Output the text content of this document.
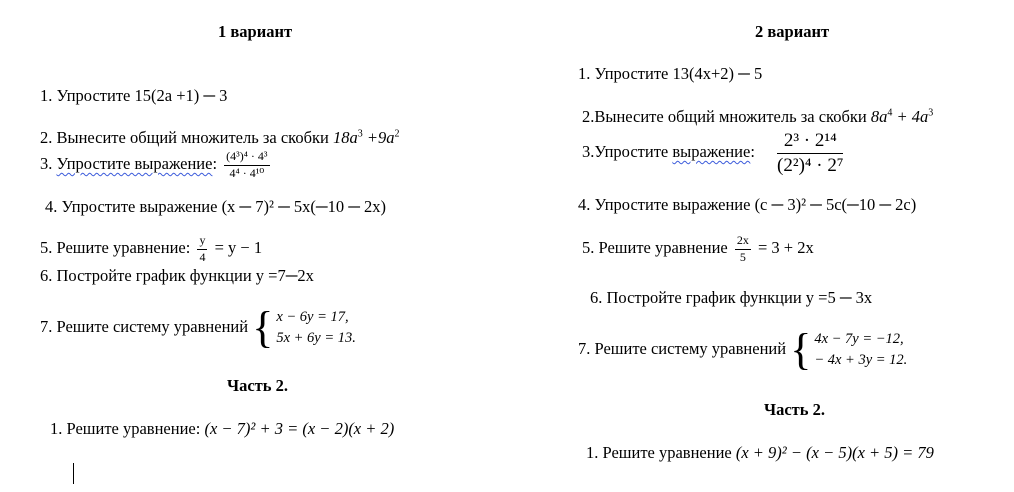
1 вариант
1. Упростите 15(2a +1) ─ 3
2. Вынесите общий множитель за скобки $18a^3 +9a^2$
3. Упростите выражение: $\frac{\text{(4³)⁴ · 4³}}{\text{4⁴ · 4¹⁰}}$
4. Упростите выражение (x ─ 7)² ─ 5x(─10 ─ 2x)
5. Решите уравнение: $\frac{y}{4} = y - 1$
6. Постройте график функции y =7─2x
7. Решите систему уравнений { x − 6y = 17,
5x + 6y = 13.
Часть 2.
1. Решите уравнение: (x − 7)² + 3 = (x − 2)(x + 2)
2 вариант
1. Упростите 13(4x+2) ─ 5
2.Вынесите общий множитель за скобки $8a^4 + 4a^3$
3.Упростите выражение: $\frac{\text{2³ · 2¹⁴}}{\text{(2²)⁴ · 2⁷}}$
4. Упростите выражение (c ─ 3)² ─ 5c(─10 ─ 2c)
5. Решите уравнение $\frac{2x}{5} = 3 + 2x$
6. Постройте график функции y =5 ─ 3x
7. Решите систему уравнений { 4x − 7y = −12,
− 4x + 3y = 12.
Часть 2.
1. Решите уравнение (x + 9)² − (x − 5)(x + 5) = 79
